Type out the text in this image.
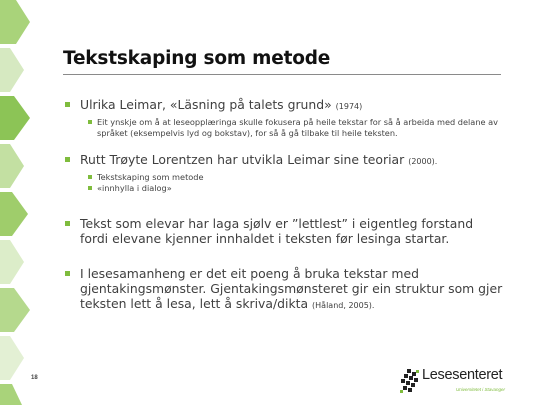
Tekstskaping som metode
Ulrika Leimar, «Läsning på talets grund» (1974)
Eit ynskje om å at leseopplæringa skulle fokusera på heile tekstar for så å arbeida med delane av språket (eksempelvis lyd og bokstav), for så å gå tilbake til heile teksten.
Rutt Trøyte Lorentzen har utvikla Leimar sine teoriar (2000).
Tekstskaping som metode
«innhylla i dialog»
Tekst som elevar har laga sjølv er ”lettlest” i eigentleg forstand fordi elevane kjenner innhaldet i teksten før lesinga startar.
I lesesamanheng er det eit poeng å bruka tekstar med gjentakingsmønster. Gjentakingsmønsteret gir ein struktur som gjer teksten lett å lesa, lett å skriva/dikta (Håland, 2005).
18	Lesesenteret
Universitetet i Stavanger
